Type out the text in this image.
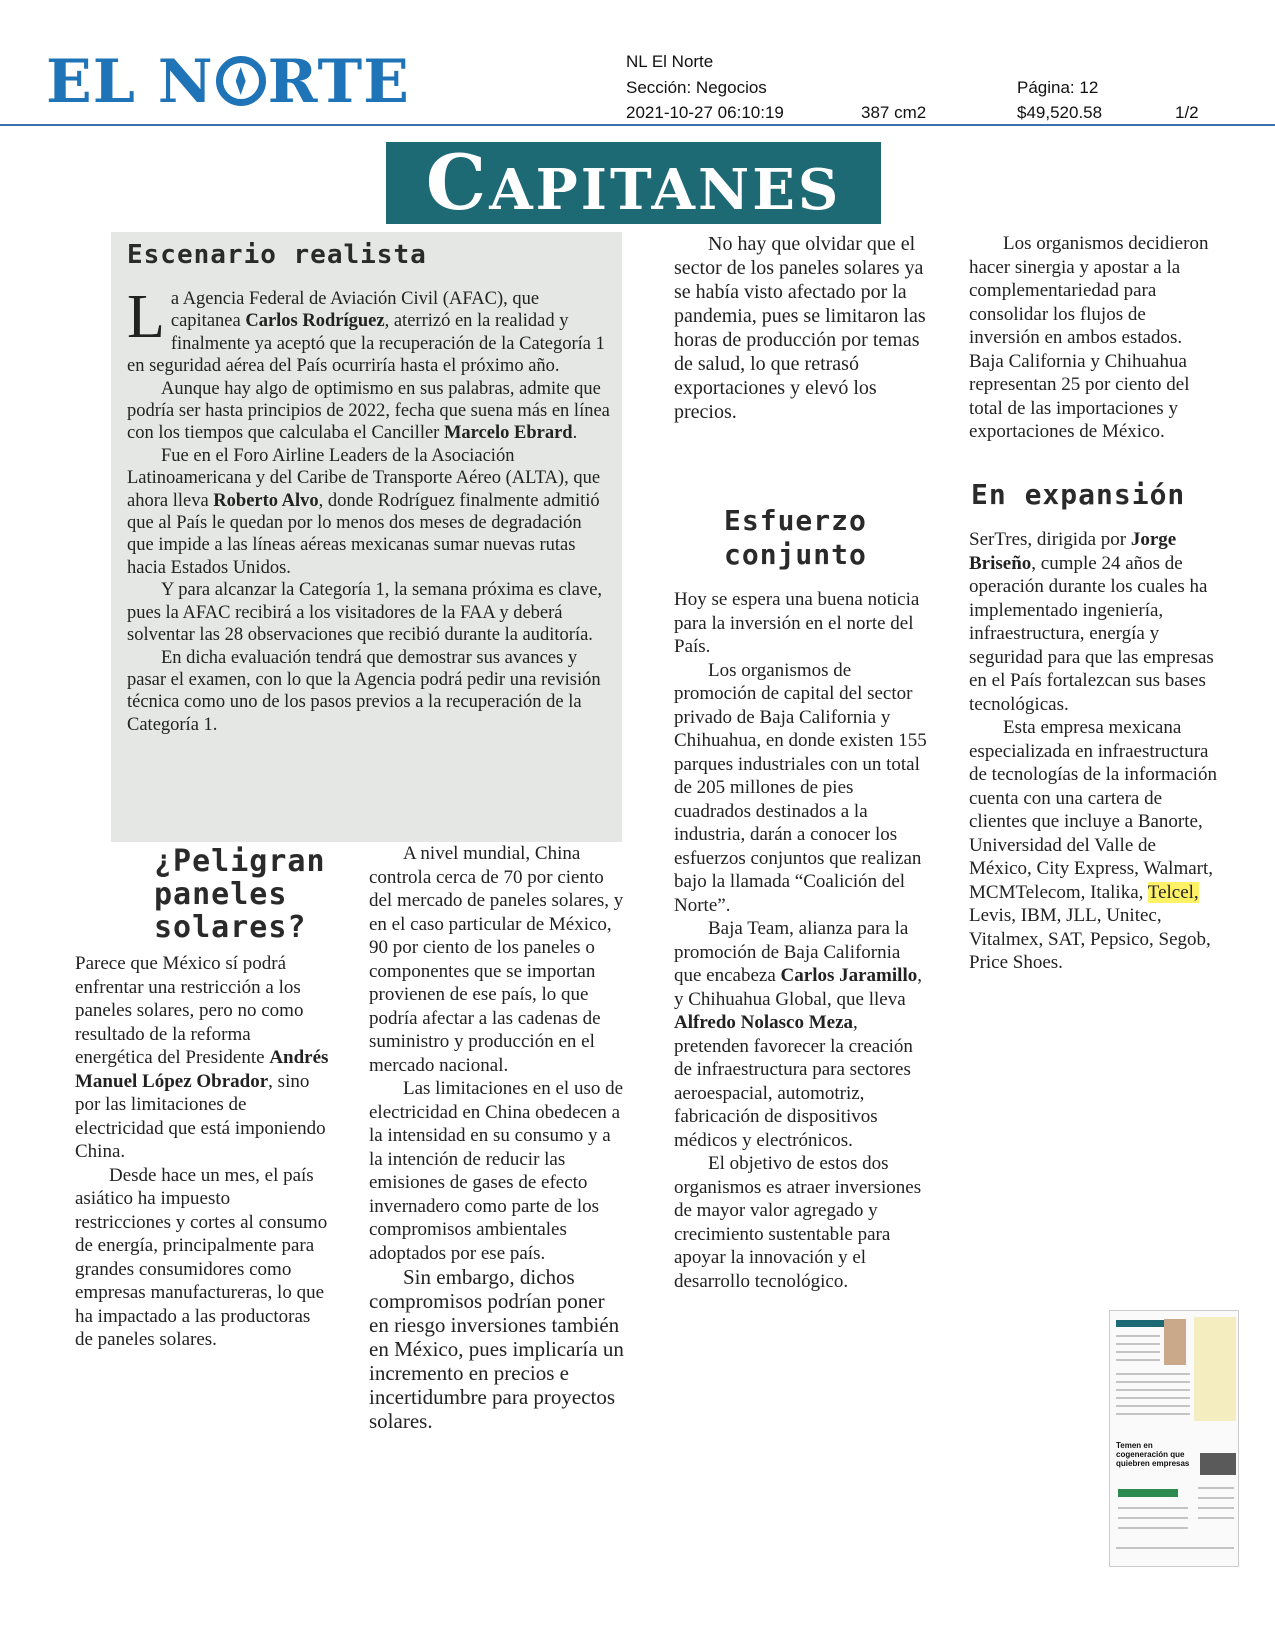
EL N RTE	NL El Norte
Sección: Negocios	Página: 12
2021-10-27 06:10:19	387 cm2	$49,520.58	1/2
CAPITANES
Escenario realista

La Agencia Federal de Aviación Civil (AFAC), que capitanea Carlos Rodríguez, aterrizó en la realidad y finalmente ya aceptó que la recuperación de la Categoría 1 en seguridad aérea del País ocurriría hasta el próximo año.

Aunque hay algo de optimismo en sus palabras, admite que podría ser hasta principios de 2022, fecha que suena más en línea con los tiempos que calculaba el Canciller Marcelo Ebrard.

Fue en el Foro Airline Leaders de la Asociación Latinoamericana y del Caribe de Transporte Aéreo (ALTA), que ahora lleva Roberto Alvo, donde Rodríguez finalmente admitió que al País le quedan por lo menos dos meses de degradación que impide a las líneas aéreas mexicanas sumar nuevas rutas hacia Estados Unidos.

Y para alcanzar la Categoría 1, la semana próxima es clave, pues la AFAC recibirá a los visitadores de la FAA y deberá solventar las 28 observaciones que recibió durante la auditoría.

En dicha evaluación tendrá que demostrar sus avances y pasar el examen, con lo que la Agencia podrá pedir una revisión técnica como uno de los pasos previos a la recuperación de la Categoría 1.

¿Peligran paneles solares?

Parece que México sí podrá enfrentar una restricción a los paneles solares, pero no como resultado de la reforma energética del Presidente Andrés Manuel López Obrador, sino por las limitaciones de electricidad que está imponiendo China.

Desde hace un mes, el país asiático ha impuesto restricciones y cortes al consumo de energía, principalmente para grandes consumidores como empresas manufactureras, lo que ha impactado a las productoras de paneles solares.

A nivel mundial, China controla cerca de 70 por ciento del mercado de paneles solares, y en el caso particular de México, 90 por ciento de los paneles o componentes que se importan provienen de ese país, lo que podría afectar a las cadenas de suministro y producción en el mercado nacional.

Las limitaciones en el uso de electricidad en China obedecen a la intensidad en su consumo y a la intención de reducir las emisiones de gases de efecto invernadero como parte de los compromisos ambientales adoptados por ese país.

Sin embargo, dichos compromisos podrían poner en riesgo inversiones también en México, pues implicaría un incremento en precios e incertidumbre para proyectos solares.

No hay que olvidar que el sector de los paneles solares ya se había visto afectado por la pandemia, pues se limitaron las horas de producción por temas de salud, lo que retrasó exportaciones y elevó los precios.

Esfuerzo conjunto

Hoy se espera una buena noticia para la inversión en el norte del País.

Los organismos de promoción de capital del sector privado de Baja California y Chihuahua, en donde existen 155 parques industriales con un total de 205 millones de pies cuadrados destinados a la industria, darán a conocer los esfuerzos conjuntos que realizan bajo la llamada “Coalición del Norte”.

Baja Team, alianza para la promoción de Baja California que encabeza Carlos Jaramillo, y Chihuahua Global, que lleva Alfredo Nolasco Meza, pretenden favorecer la creación de infraestructura para sectores aeroespacial, automotriz, fabricación de dispositivos médicos y electrónicos.

El objetivo de estos dos organismos es atraer inversiones de mayor valor agregado y crecimiento sustentable para apoyar la innovación y el desarrollo tecnológico.

Los organismos decidieron hacer sinergia y apostar a la complementariedad para consolidar los flujos de inversión en ambos estados. Baja California y Chihuahua representan 25 por ciento del total de las importaciones y exportaciones de México.

En expansión

SerTres, dirigida por Jorge Briseño, cumple 24 años de operación durante los cuales ha implementado ingeniería, infraestructura, energía y seguridad para que las empresas en el País fortalezcan sus bases tecnológicas.

Esta empresa mexicana especializada en infraestructura de tecnologías de la información cuenta con una cartera de clientes que incluye a Banorte, Universidad del Valle de México, City Express, Walmart, MCMTelecom, Italika, Telcel, Levis, IBM, JLL, Unitec, Vitalmex, SAT, Pepsico, Segob, Price Shoes.

Temen en cogeneración que quiebren empresas
